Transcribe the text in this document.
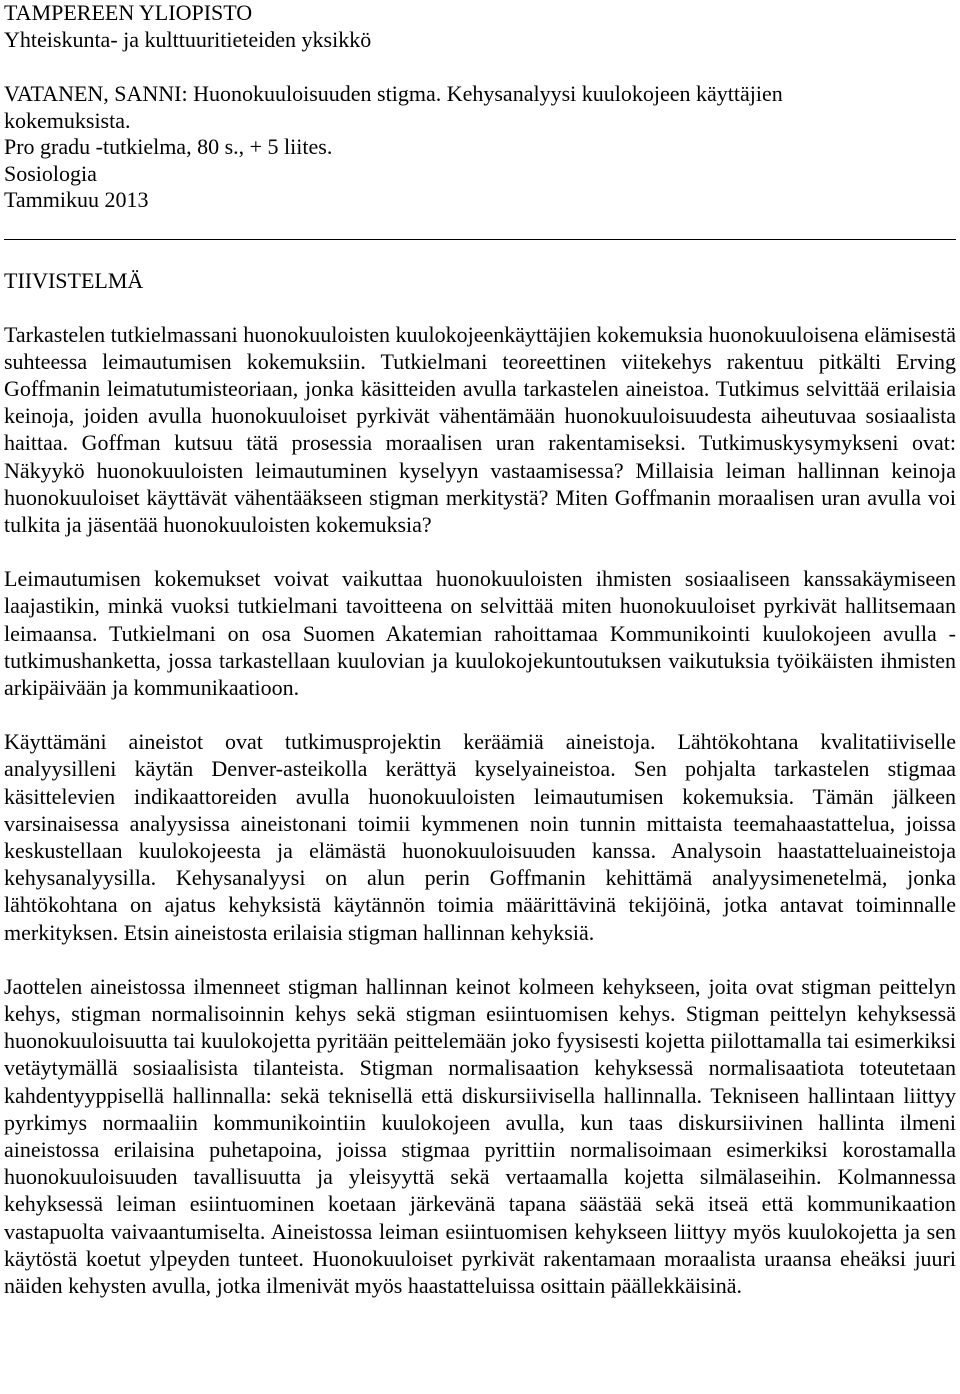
TAMPEREEN YLIOPISTO
Yhteiskunta- ja kulttuuritieteiden yksikkö
VATANEN, SANNI: Huonokuuloisuuden stigma. Kehysanalyysi kuulokojeen käyttäjien
kokemuksista.
Pro gradu -tutkielma, 80 s., + 5 liites.
Sosiologia
Tammikuu 2013
TIIVISTELMÄ

Tarkastelen tutkielmassani huonokuuloisten kuulokojeenkäyttäjien kokemuksia huonokuuloisena elämisestä suhteessa leimautumisen kokemuksiin. Tutkielmani teoreettinen viitekehys rakentuu pitkälti Erving Goffmanin leimatutumisteoriaan, jonka käsitteiden avulla tarkastelen aineistoa. Tutkimus selvittää erilaisia keinoja, joiden avulla huonokuuloiset pyrkivät vähentämään huonokuuloisuudesta aiheutuvaa sosiaalista haittaa. Goffman kutsuu tätä prosessia moraalisen uran rakentamiseksi. Tutkimuskysymykseni ovat: Näkyykö huonokuuloisten leimautuminen kyselyyn vastaamisessa? Millaisia leiman hallinnan keinoja huonokuuloiset käyttävät vähentääkseen stigman merkitystä? Miten Goffmanin moraalisen uran avulla voi tulkita ja jäsentää huonokuuloisten kokemuksia?

Leimautumisen kokemukset voivat vaikuttaa huonokuuloisten ihmisten sosiaaliseen kanssakäymiseen laajastikin, minkä vuoksi tutkielmani tavoitteena on selvittää miten huonokuuloiset pyrkivät hallitsemaan leimaansa. Tutkielmani on osa Suomen Akatemian rahoittamaa Kommunikointi kuulokojeen avulla -tutkimushanketta, jossa tarkastellaan kuulovian ja kuulokojekuntoutuksen vaikutuksia työikäisten ihmisten arkipäivään ja kommunikaatioon.

Käyttämäni aineistot ovat tutkimusprojektin keräämiä aineistoja. Lähtökohtana kvalitatiiviselle analyysilleni käytän Denver-asteikolla kerättyä kyselyaineistoa. Sen pohjalta tarkastelen stigmaa käsittelevien indikaattoreiden avulla huonokuuloisten leimautumisen kokemuksia. Tämän jälkeen varsinaisessa analyysissa aineistonani toimii kymmenen noin tunnin mittaista teemahaastattelua, joissa keskustellaan kuulokojeesta ja elämästä huonokuuloisuuden kanssa. Analysoin haastatteluaineistoja kehysanalyysilla. Kehysanalyysi on alun perin Goffmanin kehittämä analyysimenetelmä, jonka lähtökohtana on ajatus kehyksistä käytännön toimia määrittävinä tekijöinä, jotka antavat toiminnalle merkityksen. Etsin aineistosta erilaisia stigman hallinnan kehyksiä.

Jaottelen aineistossa ilmenneet stigman hallinnan keinot kolmeen kehykseen, joita ovat stigman peittelyn kehys, stigman normalisoinnin kehys sekä stigman esiintuomisen kehys. Stigman peittelyn kehyksessä huonokuuloisuutta tai kuulokojetta pyritään peittelemään joko fyysisesti kojetta piilottamalla tai esimerkiksi vetäytymällä sosiaalisista tilanteista. Stigman normalisaation kehyksessä normalisaatiota toteutetaan kahdentyyppisellä hallinnalla: sekä teknisellä että diskursiivisella hallinnalla. Tekniseen hallintaan liittyy pyrkimys normaaliin kommunikointiin kuulokojeen avulla, kun taas diskursiivinen hallinta ilmeni aineistossa erilaisina puhetapoina, joissa stigmaa pyrittiin normalisoimaan esimerkiksi korostamalla huonokuuloisuuden tavallisuutta ja yleisyyttä sekä vertaamalla kojetta silmälaseihin. Kolmannessa kehyksessä leiman esiintuominen koetaan järkevänä tapana säästää sekä itseä että kommunikaation vastapuolta vaivaantumiselta. Aineistossa leiman esiintuomisen kehykseen liittyy myös kuulokojetta ja sen käytöstä koetut ylpeyden tunteet. Huonokuuloiset pyrkivät rakentamaan moraalista uraansa eheäksi juuri näiden kehysten avulla, jotka ilmenivät myös haastatteluissa osittain päällekkäisinä.
